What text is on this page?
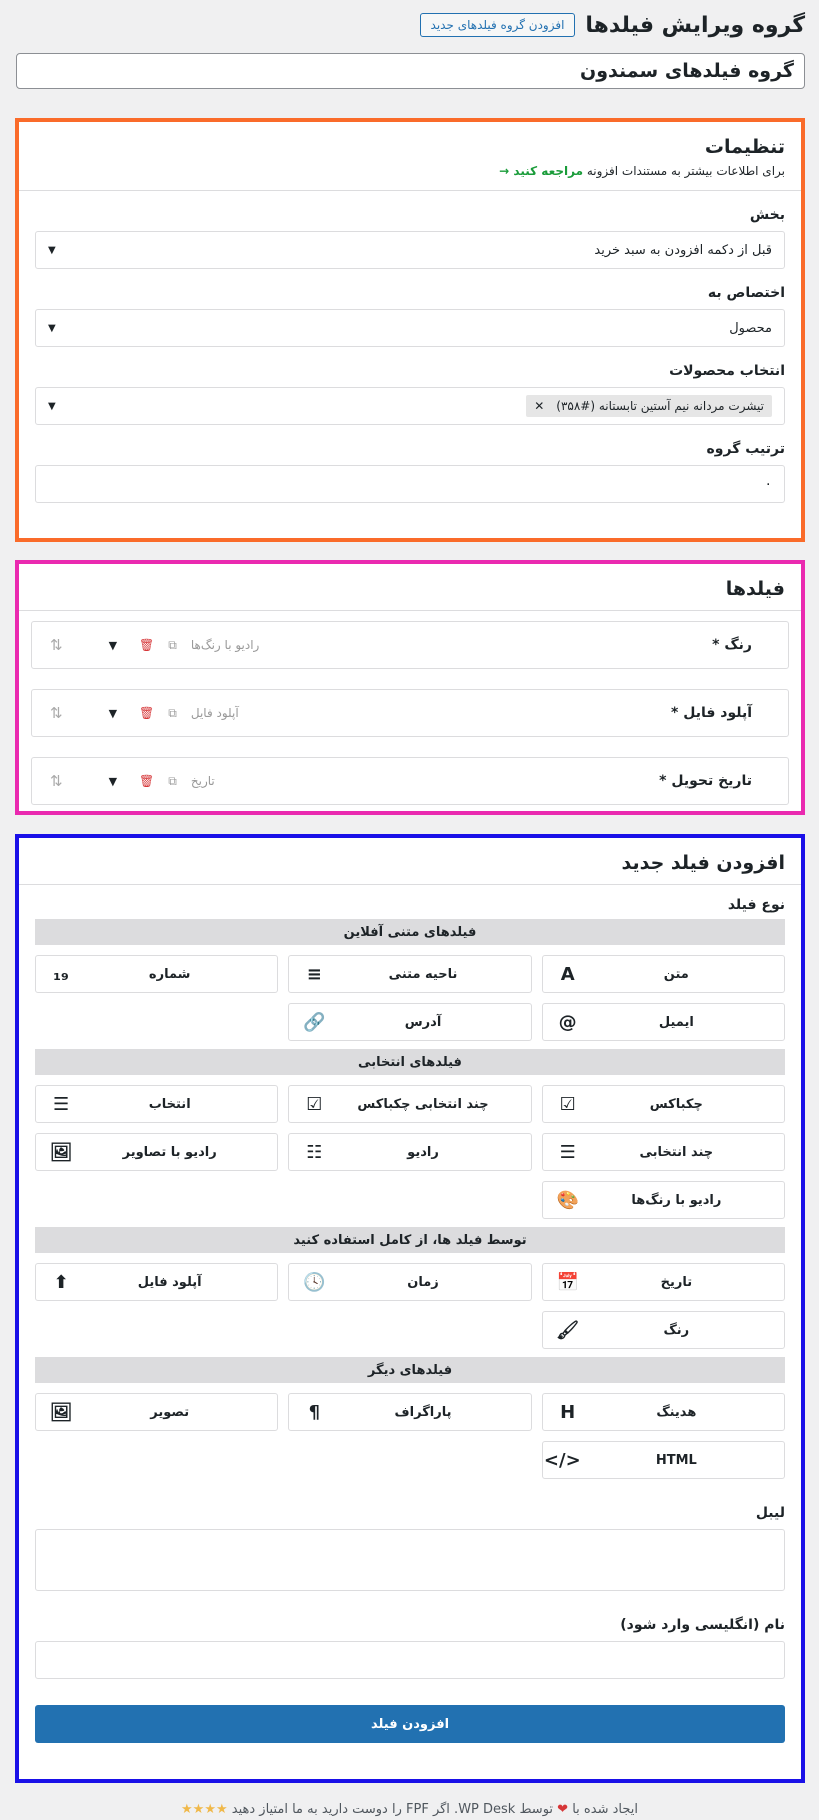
گروه ویرایش فیلدها
افزودن گروه فیلدهای جدید
گروه فیلدهای سمندون
تنظیمات
برای اطلاعات بیشتر به مستندات افزونه مراجعه کنید →
بخش
قبل از دکمه افزودن به سبد خرید
▼
اختصاص به
محصول
▼
انتخاب محصولات
تیشرت مردانه نیم آستین تابستانه (#۳۵۸)
✕
▼
ترتیب گروه
۰
فیلدها
رنگ *
رادیو با رنگ‌ها
⧉
🗑
▼
⇅
آپلود فایل *
آپلود فایل
⧉
🗑
▼
⇅
تاریخ تحویل *
تاریخ
⧉
🗑
▼
⇅
افزودن فیلد جدید
نوع فیلد
فیلدهای متنی آفلاین
متن
A
ناحیه متنی
≡
شماره
₁₉
ایمیل
@
آدرس
🔗
فیلدهای انتخابی
چکباکس
☑
چند انتخابی چکباکس
☑
انتخاب
☰
چند انتخابی
☰
رادیو
☷
رادیو با تصاویر
🖼
رادیو با رنگ‌ها
🎨
توسط فیلد ها، از کامل استفاده کنید
تاریخ
📅
زمان
🕓
آپلود فایل
⬆
رنگ
🖌
فیلدهای دیگر
هدینگ
H
پاراگراف
¶
تصویر
🖼
HTML
</>
لیبل
نام (انگلیسی وارد شود)
افزودن فیلد
ایجاد شده با ❤ توسط WP Desk. اگر FPF را دوست دارید به ما امتیاز دهید ★★★★
